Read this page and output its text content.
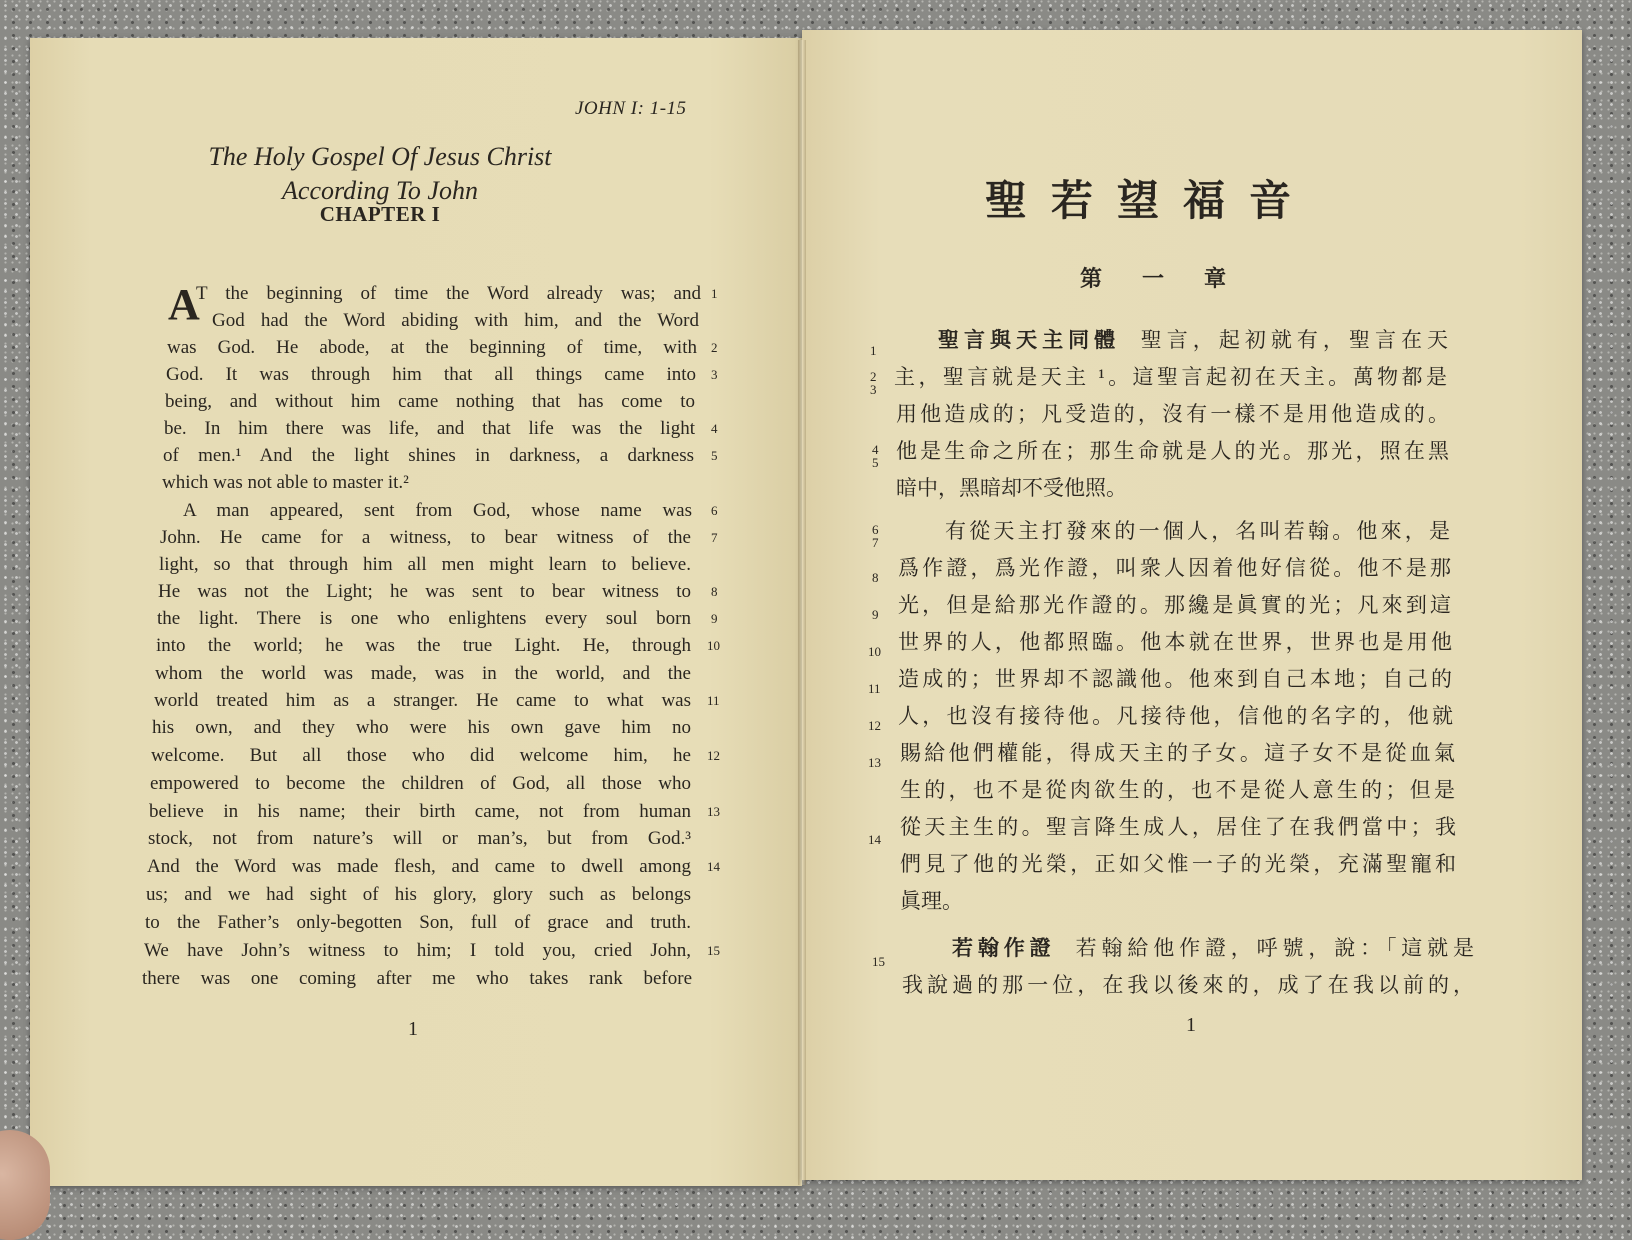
JOHN I: 1-15
The Holy Gospel Of Jesus Christ
According To John
CHAPTER I
A
T the beginning of time the Word already was; and
God had the Word abiding with him, and the Word
was God. He abode, at the beginning of time, with
God. It was through him that all things came into
being, and without him came nothing that has come to
be. In him there was life, and that life was the light
of men.¹ And the light shines in darkness, a darkness
which was not able to master it.²
A man appeared, sent from God, whose name was
John. He came for a witness, to bear witness of the
light, so that through him all men might learn to believe.
He was not the Light; he was sent to bear witness to
the light. There is one who enlightens every soul born
into the world; he was the true Light. He, through
whom the world was made, was in the world, and the
world treated him as a stranger. He came to what was
his own, and they who were his own gave him no
welcome. But all those who did welcome him, he
empowered to become the children of God, all those who
believe in his name; their birth came, not from human
stock, not from nature’s will or man’s, but from God.³
And the Word was made flesh, and came to dwell among
us; and we had sight of his glory, glory such as belongs
to the Father’s only-begotten Son, full of grace and truth.
We have John’s witness to him; I told you, cried John,
there was one coming after me who takes rank before
1
2
3
4
5
6
7
8
9
10
11
12
13
14
15
1
聖若望福音
第一章
聖言與天主同體 聖言，起初就有，聖言在天
主，聖言就是天主 ¹。這聖言起初在天主。萬物都是
用他造成的；凡受造的，沒有一樣不是用他造成的。
他是生命之所在；那生命就是人的光。那光，照在黑
暗中，黑暗却不受他照。
有從天主打發來的一個人，名叫若翰。他來，是
爲作證，爲光作證，叫衆人因着他好信從。他不是那
光，但是給那光作證的。那纔是眞實的光；凡來到這
世界的人，他都照臨。他本就在世界，世界也是用他
造成的；世界却不認識他。他來到自己本地；自己的
人，也沒有接待他。凡接待他，信他的名字的，他就
賜給他們權能，得成天主的子女。這子女不是從血氣
生的，也不是從肉欲生的，也不是從人意生的；但是
從天主生的。聖言降生成人，居住了在我們當中；我
們見了他的光榮，正如父惟一子的光榮，充滿聖寵和
眞理。
若翰作證 若翰給他作證，呼號，說：「這就是
我說過的那一位，在我以後來的，成了在我以前的，
1
2
3
4
5
6
7
8
9
10
11
12
13
14
15
1
